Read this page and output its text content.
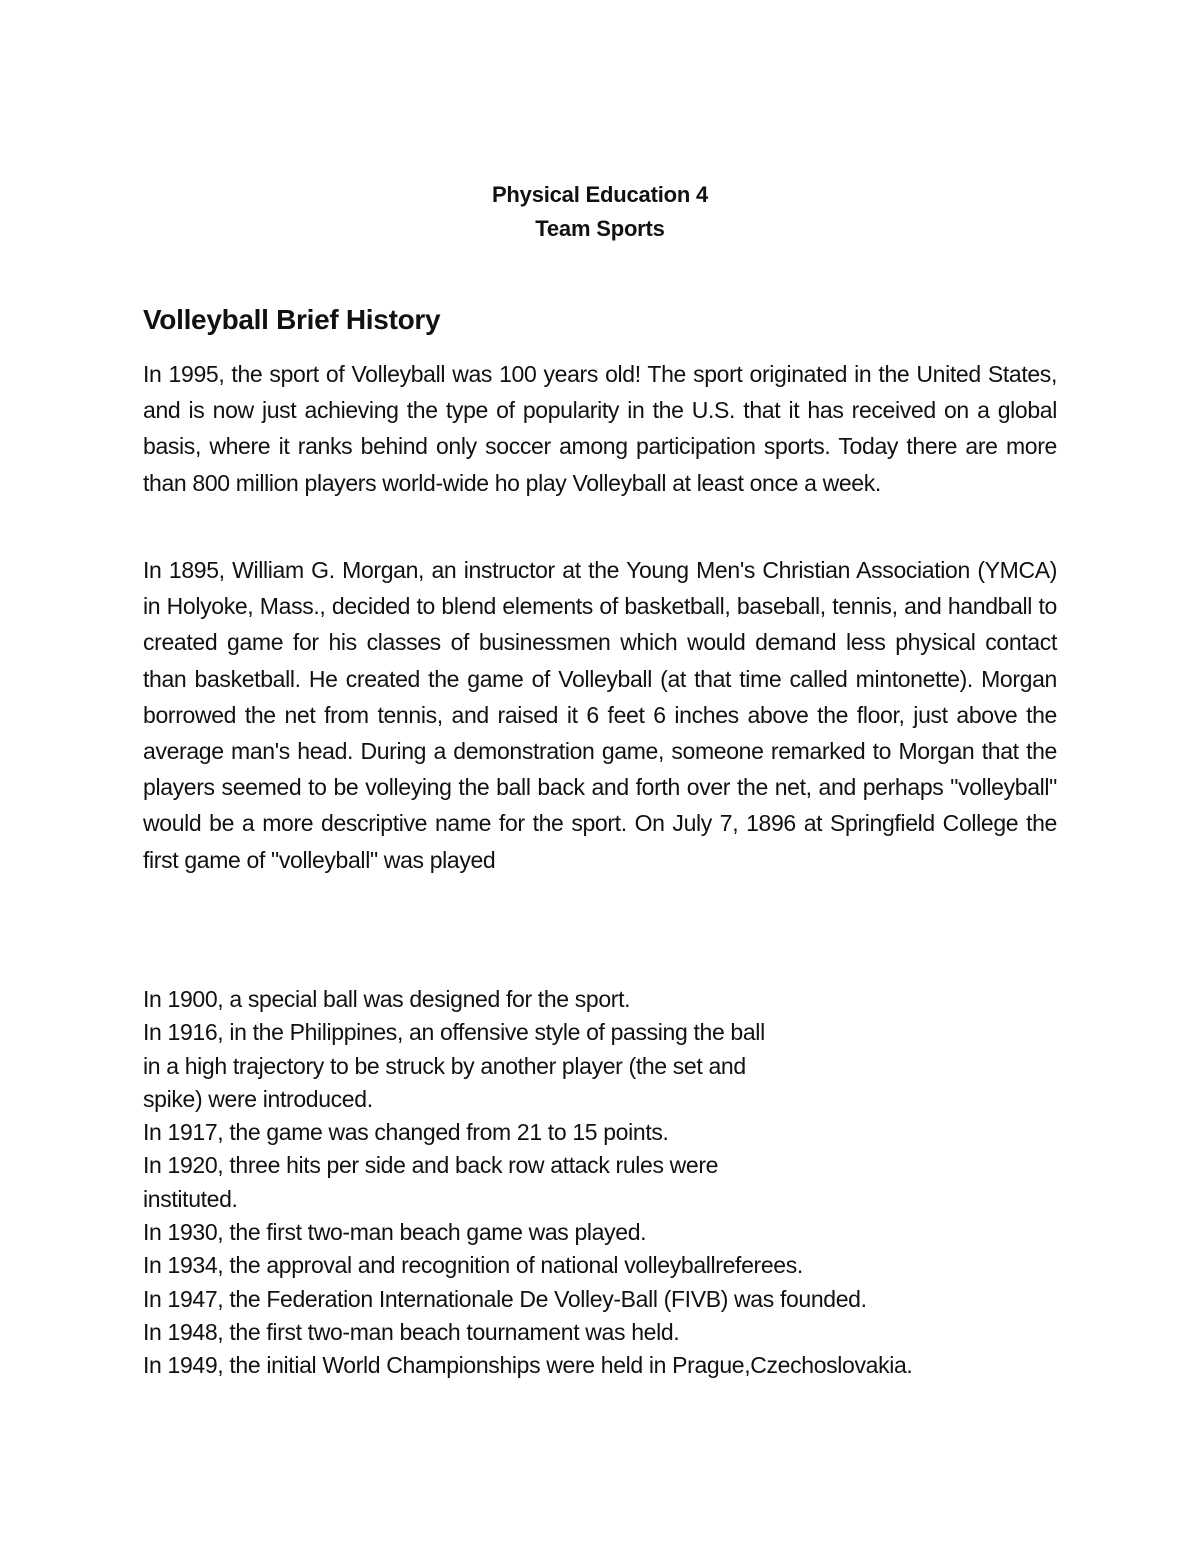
Physical Education 4
Team Sports
Volleyball Brief History
In 1995, the sport of Volleyball was 100 years old! The sport originated in the United States, and is now just achieving the type of popularity in the U.S. that it has received on a global basis, where it ranks behind only soccer among participation sports. Today there are more than 800 million players world-wide ho play Volleyball at least once a week.
In 1895, William G. Morgan, an instructor at the Young Men's Christian Association (YMCA) in Holyoke, Mass., decided to blend elements of basketball, baseball, tennis, and handball to created game for his classes of businessmen which would demand less physical contact than basketball. He created the game of Volleyball (at that time called mintonette). Morgan borrowed the net from tennis, and raised it 6 feet 6 inches above the floor, just above the average man's head. During a demonstration game, someone remarked to Morgan that the players seemed to be volleying the ball back and forth over the net, and perhaps "volleyball" would be a more descriptive name for the sport. On July 7, 1896 at Springfield College the first game of "volleyball" was played
In 1900, a special ball was designed for the sport.
In 1916, in the Philippines, an offensive style of passing the ball
in a high trajectory to be struck by another player (the set and
spike) were introduced.
In 1917, the game was changed from 21 to 15 points.
In 1920, three hits per side and back row attack rules were
instituted.
In 1930, the first two-man beach game was played.
In 1934, the approval and recognition of national volleyballreferees.
In 1947, the Federation Internationale De Volley-Ball (FIVB) was founded.
In 1948, the first two-man beach tournament was held.
In 1949, the initial World Championships were held in Prague,Czechoslovakia.
